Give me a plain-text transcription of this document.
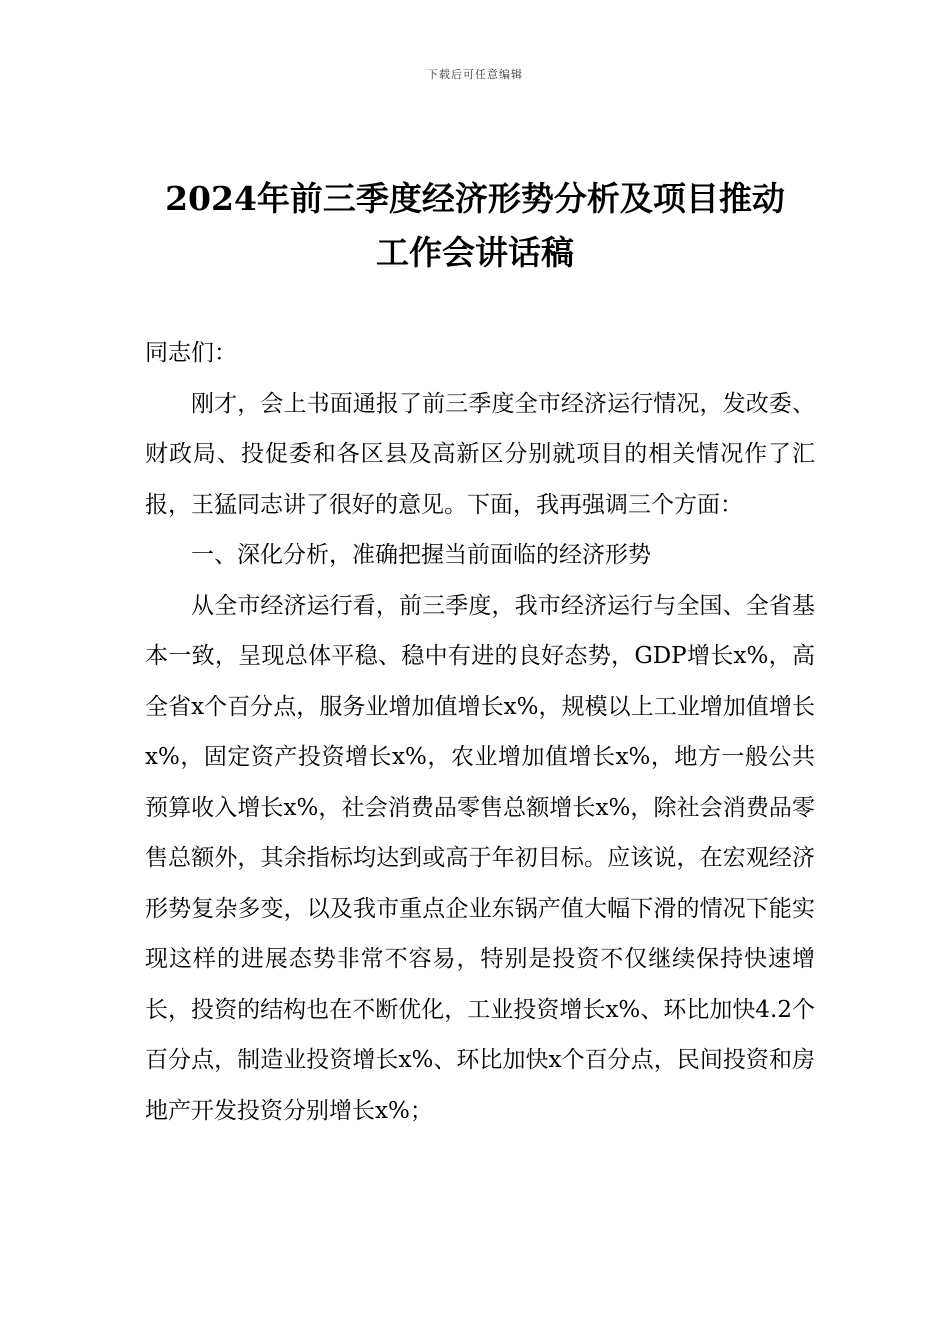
下载后可任意编辑
2024年前三季度经济形势分析及项目推动
工作会讲话稿

同志们：

刚才，会上书面通报了前三季度全市经济运行情况，发改委、财政局、投促委和各区县及高新区分别就项目的相关情况作了汇报，王猛同志讲了很好的意见。下面，我再强调三个方面：

一、深化分析，准确把握当前面临的经济形势

从全市经济运行看，前三季度，我市经济运行与全国、全省基本一致，呈现总体平稳、稳中有进的良好态势，GDP增长x%，高全省x个百分点，服务业增加值增长x%，规模以上工业增加值增长x%，固定资产投资增长x%，农业增加值增长x%，地方一般公共预算收入增长x%，社会消费品零售总额增长x%，除社会消费品零售总额外，其余指标均达到或高于年初目标。应该说，在宏观经济形势复杂多变，以及我市重点企业东锅产值大幅下滑的情况下能实现这样的进展态势非常不容易，特别是投资不仅继续保持快速增长，投资的结构也在不断优化，工业投资增长x%、环比加快4.2个百分点，制造业投资增长x%、环比加快x个百分点，民间投资和房地产开发投资分别增长x%；
